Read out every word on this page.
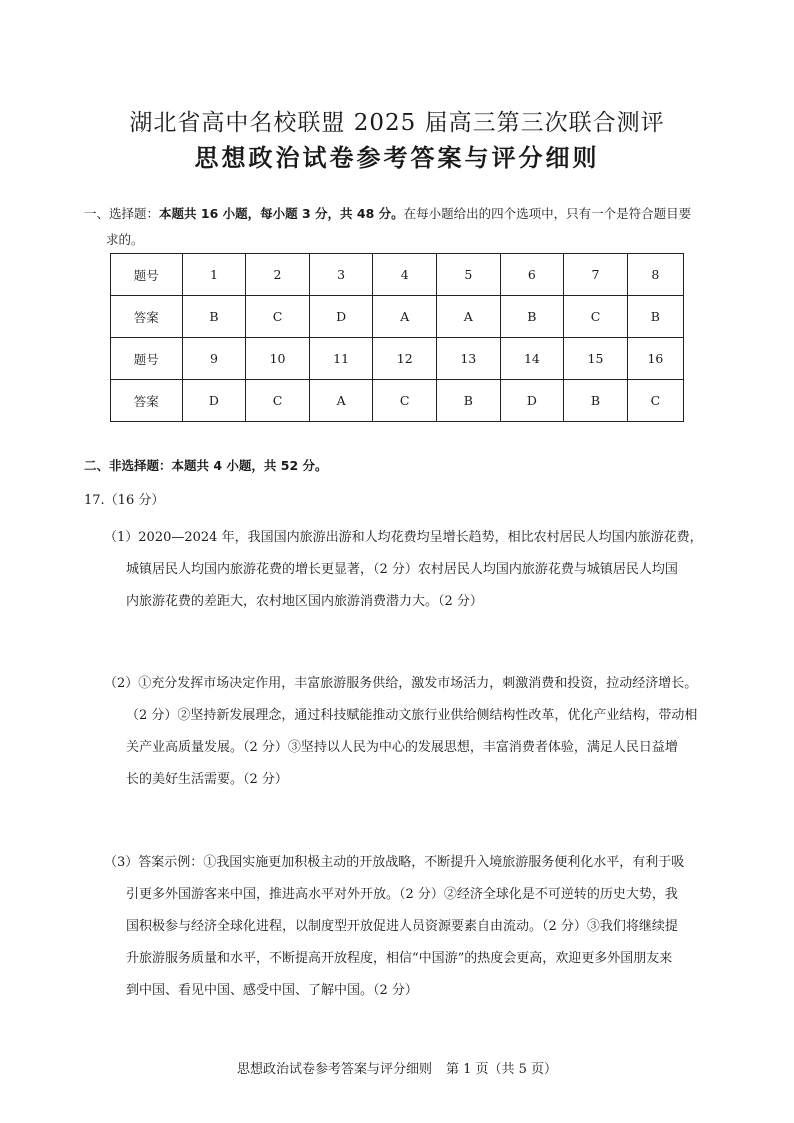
湖北省高中名校联盟 2025 届高三第三次联合测评
思想政治试卷参考答案与评分细则
一、选择题：本题共 16 小题，每小题 3 分，共 48 分。在每小题给出的四个选项中，只有一个是符合题目要
求的。
题号	1	2	3	4	5	6	7	8
答案	B	C	D	A	A	B	C	B
题号	9	10	11	12	13	14	15	16
答案	D	C	A	C	B	D	B	C
二、非选择题：本题共 4 小题，共 52 分。
17.（16 分）
（1）2020—2024 年，我国国内旅游出游和人均花费均呈增长趋势，相比农村居民人均国内旅游花费，
城镇居民人均国内旅游花费的增长更显著，（2 分）农村居民人均国内旅游花费与城镇居民人均国
内旅游花费的差距大，农村地区国内旅游消费潜力大。（2 分）
（2）①充分发挥市场决定作用，丰富旅游服务供给，激发市场活力，刺激消费和投资，拉动经济增长。
（2 分）②坚持新发展理念，通过科技赋能推动文旅行业供给侧结构性改革，优化产业结构，带动相
关产业高质量发展。（2 分）③坚持以人民为中心的发展思想，丰富消费者体验，满足人民日益增
长的美好生活需要。（2 分）
（3）答案示例：①我国实施更加积极主动的开放战略，不断提升入境旅游服务便利化水平，有利于吸
引更多外国游客来中国，推进高水平对外开放。（2 分）②经济全球化是不可逆转的历史大势，我
国积极参与经济全球化进程，以制度型开放促进人员资源要素自由流动。（2 分）③我们将继续提
升旅游服务质量和水平，不断提高开放程度，相信“中国游”的热度会更高，欢迎更多外国朋友来
到中国、看见中国、感受中国、了解中国。（2 分）
思想政治试卷参考答案与评分细则 第 1 页（共 5 页）
